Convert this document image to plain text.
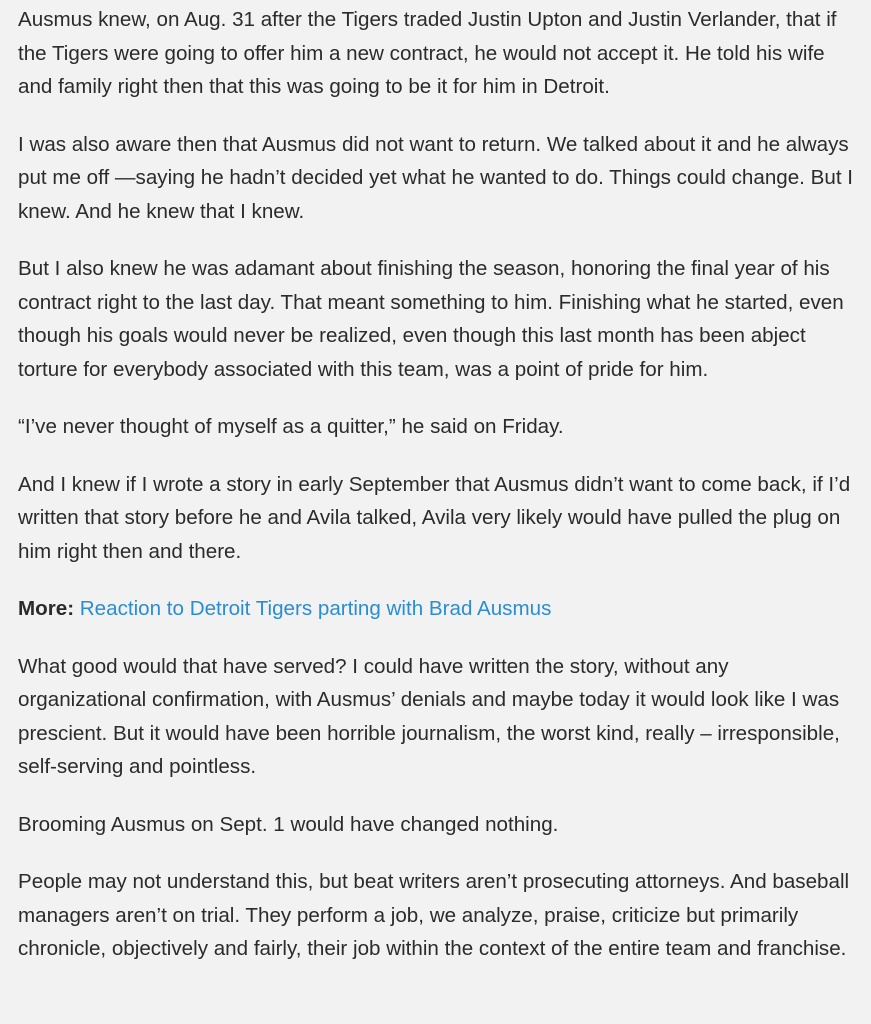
Ausmus knew, on Aug. 31 after the Tigers traded Justin Upton and Justin Verlander, that if the Tigers were going to offer him a new contract, he would not accept it. He told his wife and family right then that this was going to be it for him in Detroit.

I was also aware then that Ausmus did not want to return. We talked about it and he always put me off —saying he hadn’t decided yet what he wanted to do. Things could change. But I knew. And he knew that I knew.

But I also knew he was adamant about finishing the season, honoring the final year of his contract right to the last day. That meant something to him. Finishing what he started, even though his goals would never be realized, even though this last month has been abject torture for everybody associated with this team, was a point of pride for him.

“I’ve never thought of myself as a quitter,” he said on Friday.

And I knew if I wrote a story in early September that Ausmus didn’t want to come back, if I’d written that story before he and Avila talked, Avila very likely would have pulled the plug on him right then and there.

More: Reaction to Detroit Tigers parting with Brad Ausmus

What good would that have served? I could have written the story, without any organizational confirmation, with Ausmus’ denials and maybe today it would look like I was prescient. But it would have been horrible journalism, the worst kind, really – irresponsible, self-serving and pointless.

Brooming Ausmus on Sept. 1 would have changed nothing.

People may not understand this, but beat writers aren’t prosecuting attorneys. And baseball managers aren’t on trial. They perform a job, we analyze, praise, criticize but primarily chronicle, objectively and fairly, their job within the context of the entire team and franchise.
